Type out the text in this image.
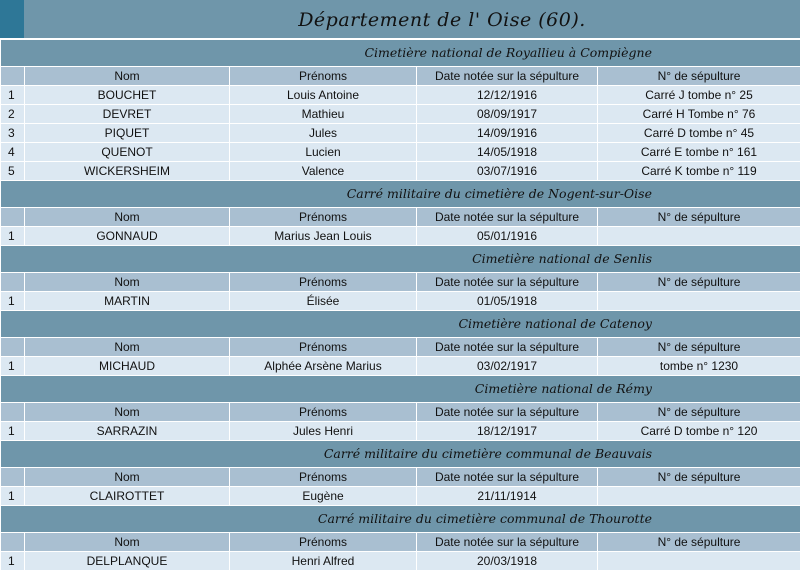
Département de l' Oise (60).
Cimetière national de Royallieu à Compiègne				
	Nom	Prénoms	Date notée sur la sépulture	N° de sépulture
1	BOUCHET	Louis Antoine	12/12/1916	Carré J tombe n° 25
2	DEVRET	Mathieu	08/09/1917	Carré H Tombe n° 76
3	PIQUET	Jules	14/09/1916	Carré D tombe n° 45
4	QUENOT	Lucien	14/05/1918	Carré E tombe n° 161
5	WICKERSHEIM	Valence	03/07/1916	Carré K tombe n° 119
Carré militaire du cimetière de Nogent-sur-Oise				
	Nom	Prénoms	Date notée sur la sépulture	N° de sépulture
1	GONNAUD	Marius Jean Louis	05/01/1916	
Cimetière national de Senlis				
	Nom	Prénoms	Date notée sur la sépulture	N° de sépulture
1	MARTIN	Élisée	01/05/1918	
Cimetière national de Catenoy				
	Nom	Prénoms	Date notée sur la sépulture	N° de sépulture
1	MICHAUD	Alphée Arsène Marius	03/02/1917	tombe n° 1230
Cimetière national de Rémy				
	Nom	Prénoms	Date notée sur la sépulture	N° de sépulture
1	SARRAZIN	Jules Henri	18/12/1917	Carré D tombe n° 120
Carré militaire du cimetière communal de Beauvais				
	Nom	Prénoms	Date notée sur la sépulture	N° de sépulture
1	CLAIROTTET	Eugène	21/11/1914	
Carré militaire du cimetière communal de Thourotte				
	Nom	Prénoms	Date notée sur la sépulture	N° de sépulture
1	DELPLANQUE	Henri Alfred	20/03/1918	
